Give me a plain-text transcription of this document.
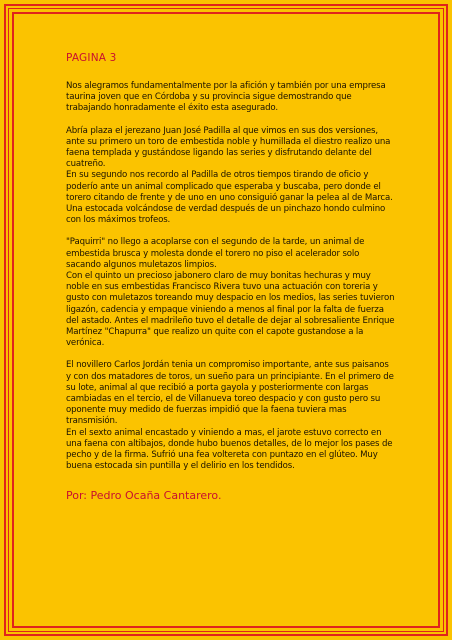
PAGINA 3

Nos alegramos fundamentalmente por la afición y también por una empresa taurina joven que en Córdoba y su provincia sigue demostrando que trabajando honradamente el éxito esta asegurado.

Abría plaza el jerezano Juan José Padilla al que vimos en sus dos versiones, ante su primero un toro de embestida noble y humillada el diestro realizo una faena templada y gustándose ligando las series y disfrutando delante del cuatreño.

En su segundo nos recordo al Padilla de otros tiempos tirando de oficio y poderío ante un animal complicado que esperaba y buscaba, pero donde el torero citando de frente y de uno en uno consiguió ganar la pelea al de Marca. Una estocada volcándose de verdad después de un pinchazo hondo culmino con los máximos trofeos.

"Paquirri" no llego a acoplarse con el segundo de la tarde, un animal de embestida brusca y molesta donde el torero no piso el acelerador solo sacando algunos muletazos limpios.

Con el quinto un precioso jabonero claro de muy bonitas hechuras y muy noble en sus embestidas Francisco Rivera tuvo una actuación con toreria y gusto con muletazos toreando muy despacio en los medios, las series tuvieron ligazón, cadencia y empaque viniendo a menos al final por la falta de fuerza del astado. Antes el madrileño tuvo el detalle de dejar al sobresaliente Enrique Martínez "Chapurra" que realizo un quite con el capote gustandose a la verónica.

El novillero Carlos Jordán tenia un compromiso importante, ante sus paisanos y con dos matadores de toros, un sueño para un principiante. En el primero de su lote, animal al que recibió a porta gayola y posteriormente con largas cambiadas en el tercio, el de Villanueva toreo despacio y con gusto pero su oponente muy medido de fuerzas impidió que la faena tuviera mas transmisión.

En el sexto animal encastado y viniendo a mas, el jarote estuvo correcto en una faena con altibajos, donde hubo buenos detalles, de lo mejor los pases de pecho y de la firma. Sufrió una fea voltereta con puntazo en el glúteo. Muy buena estocada sin puntilla y el delirio en los tendidos.

Por: Pedro Ocaña Cantarero.
